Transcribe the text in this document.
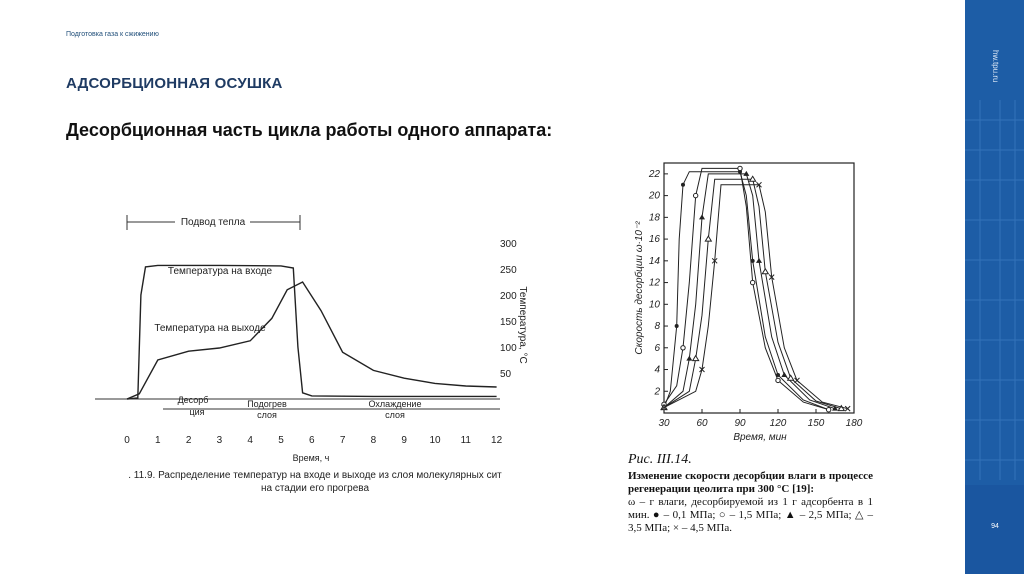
Подготовка газа к сжижению
АДСОРБЦИОННАЯ ОСУШКА
Десорбционная часть цикла работы одного аппарата:
hw.tpu.ru
94
Подвод тепла
Температура на входе
Температура на выходе
Десорб
ция
Подогрев
слоя
Охлаждение
слоя
Время, ч
Температура, °С
0	1	2	3	4	5	6	7	8	9 10 11 12
50
100
150
200
250
300
. 11.9. Распределение температур на входе и выходе из слоя молекулярных сит
на стадии его прогрева
Скорость десорбции ω·10⁻²
Время, мин
30	60	90 120 150 180
2
4
6
8
10
12
14
16
18
20
22
Рис. III.14.
Изменение скорости десорбции влаги в процессе регенерации цеолита при 300 °С [19]:
ω – г влаги, десорбируемой из 1 г адсорбента в 1 мин. ● – 0,1 МПа; ○ – 1,5 МПа; ▲ – 2,5 МПа; △ – 3,5 МПа; × – 4,5 МПа.
